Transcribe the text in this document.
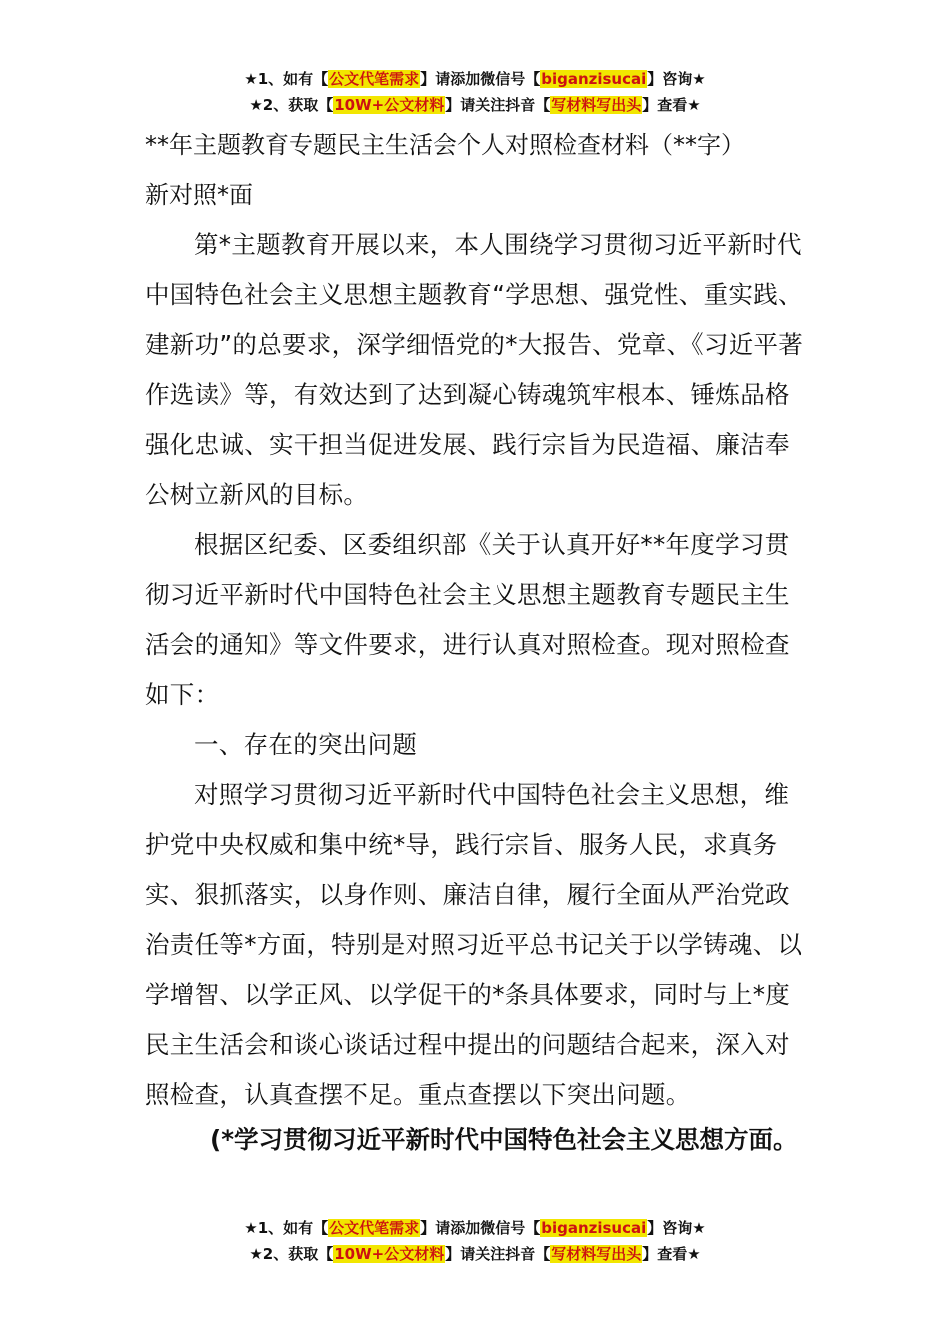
★1、如有【公文代笔需求】请添加微信号【biganzisucai】咨询★
★2、获取【10W+公文材料】请关注抖音【写材料写出头】查看★
**年主题教育专题民主生活会个人对照检查材料（**字）
新对照*面

第*主题教育开展以来，本人围绕学习贯彻习近平新时代中国特色社会主义思想主题教育“学思想、强党性、重实践、建新功”的总要求，深学细悟党的*大报告、党章、《习近平著作选读》等，有效达到了达到凝心铸魂筑牢根本、锤炼品格强化忠诚、实干担当促进发展、践行宗旨为民造福、廉洁奉公树立新风的目标。

根据区纪委、区委组织部《关于认真开好**年度学习贯彻习近平新时代中国特色社会主义思想主题教育专题民主生活会的通知》等文件要求，进行认真对照检查。现对照检查如下：

一、存在的突出问题

对照学习贯彻习近平新时代中国特色社会主义思想，维护党中央权威和集中统*导，践行宗旨、服务人民，求真务实、狠抓落实，以身作则、廉洁自律，履行全面从严治党政治责任等*方面，特别是对照习近平总书记关于以学铸魂、以学增智、以学正风、以学促干的*条具体要求，同时与上*度民主生活会和谈心谈话过程中提出的问题结合起来，深入对照检查，认真查摆不足。重点查摆以下突出问题。

(*学习贯彻习近平新时代中国特色社会主义思想方面。
★1、如有【公文代笔需求】请添加微信号【biganzisucai】咨询★
★2、获取【10W+公文材料】请关注抖音【写材料写出头】查看★
